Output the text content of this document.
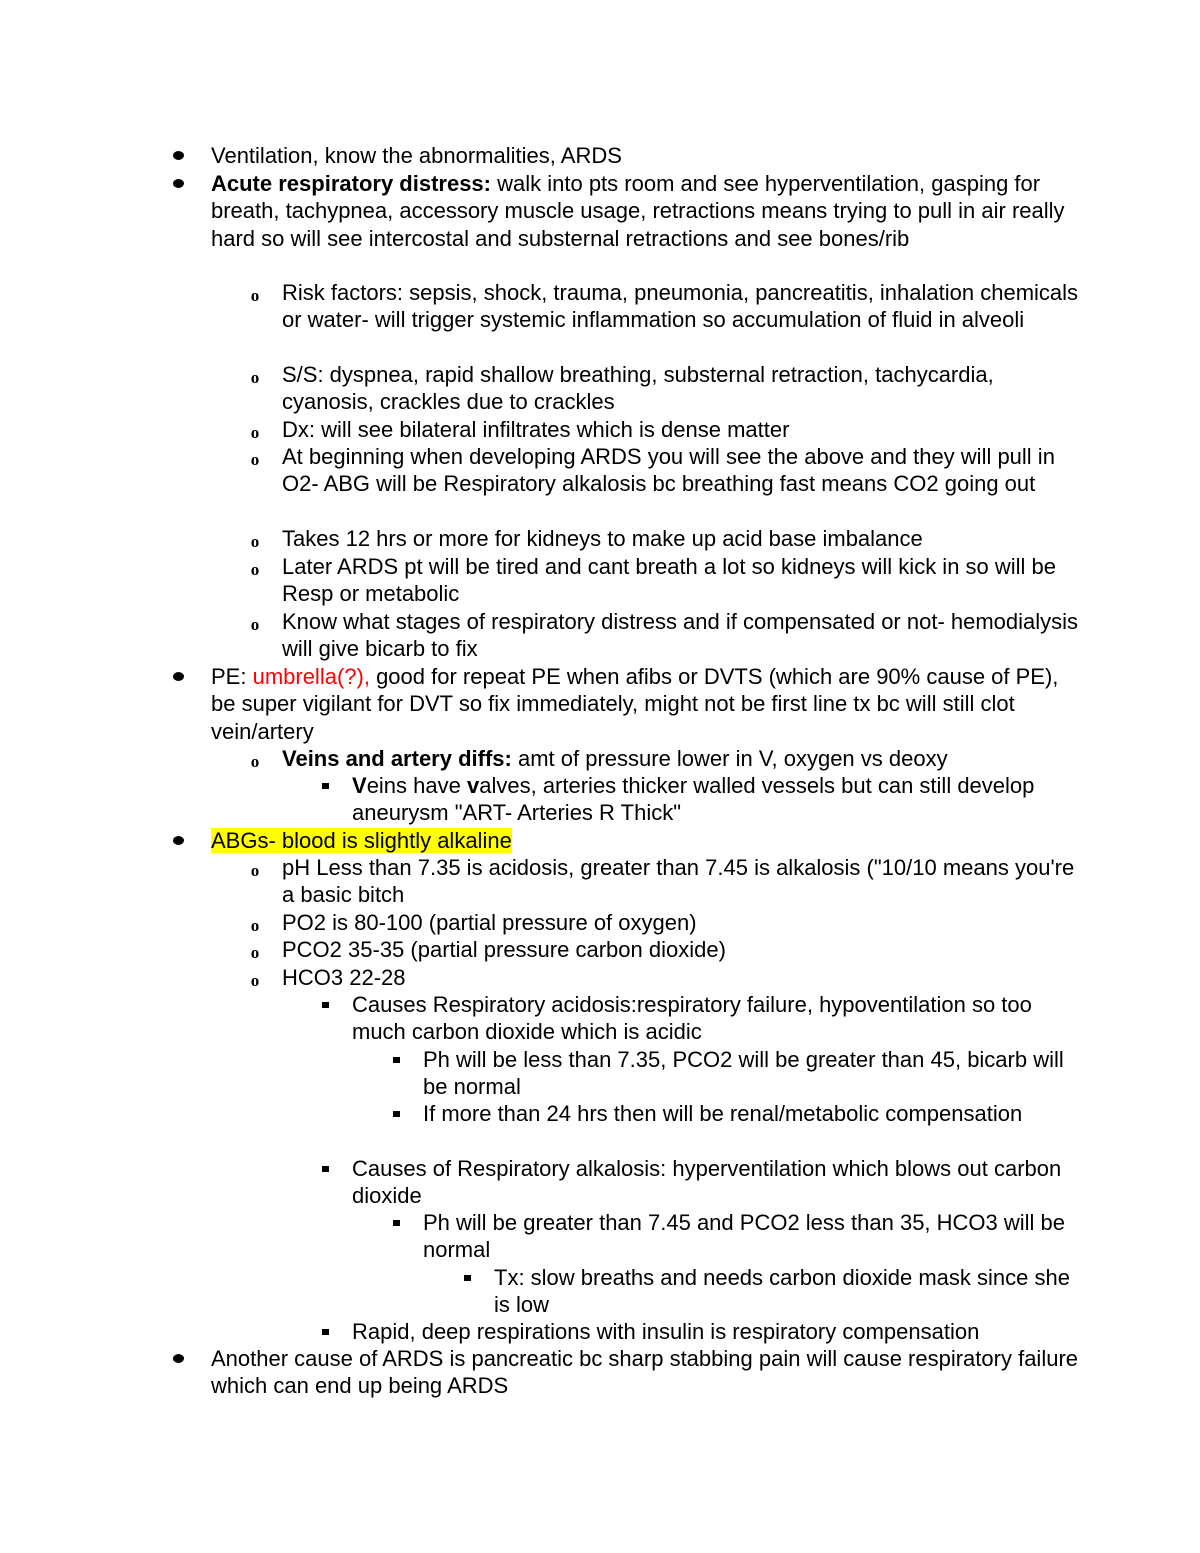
Ventilation, know the abnormalities, ARDS
Acute respiratory distress: walk into pts room and see hyperventilation, gasping for breath, tachypnea, accessory muscle usage, retractions means trying to pull in air really hard so will see intercostal and substernal retractions and see bones/rib
o Risk factors: sepsis, shock, trauma, pneumonia, pancreatitis, inhalation chemicals or water- will trigger systemic inflammation so accumulation of fluid in alveoli
o S/S: dyspnea, rapid shallow breathing, substernal retraction, tachycardia, cyanosis, crackles due to crackles
o Dx: will see bilateral infiltrates which is dense matter
o At beginning when developing ARDS you will see the above and they will pull in O2- ABG will be Respiratory alkalosis bc breathing fast means CO2 going out
o Takes 12 hrs or more for kidneys to make up acid base imbalance
o Later ARDS pt will be tired and cant breath a lot so kidneys will kick in so will be Resp or metabolic
o Know what stages of respiratory distress and if compensated or not- hemodialysis will give bicarb to fix
PE: umbrella(?), good for repeat PE when afibs or DVTS (which are 90% cause of PE), be super vigilant for DVT so fix immediately, might not be first line tx bc will still clot vein/artery
o Veins and artery diffs: amt of pressure lower in V, oxygen vs deoxy
Veins have valves, arteries thicker walled vessels but can still develop aneurysm "ART- Arteries R Thick"
ABGs- blood is slightly alkaline
o pH Less than 7.35 is acidosis, greater than 7.45 is alkalosis ("10/10 means you're a basic bitch
o PO2 is 80-100 (partial pressure of oxygen)
o PCO2 35-35 (partial pressure carbon dioxide)
o HCO3 22-28
Causes Respiratory acidosis:respiratory failure, hypoventilation so too much carbon dioxide which is acidic
Ph will be less than 7.35, PCO2 will be greater than 45, bicarb will be normal
If more than 24 hrs then will be renal/metabolic compensation
Causes of Respiratory alkalosis: hyperventilation which blows out carbon dioxide
Ph will be greater than 7.45 and PCO2 less than 35, HCO3 will be normal
Tx: slow breaths and needs carbon dioxide mask since she is low
Rapid, deep respirations with insulin is respiratory compensation
Another cause of ARDS is pancreatic bc sharp stabbing pain will cause respiratory failure which can end up being ARDS
